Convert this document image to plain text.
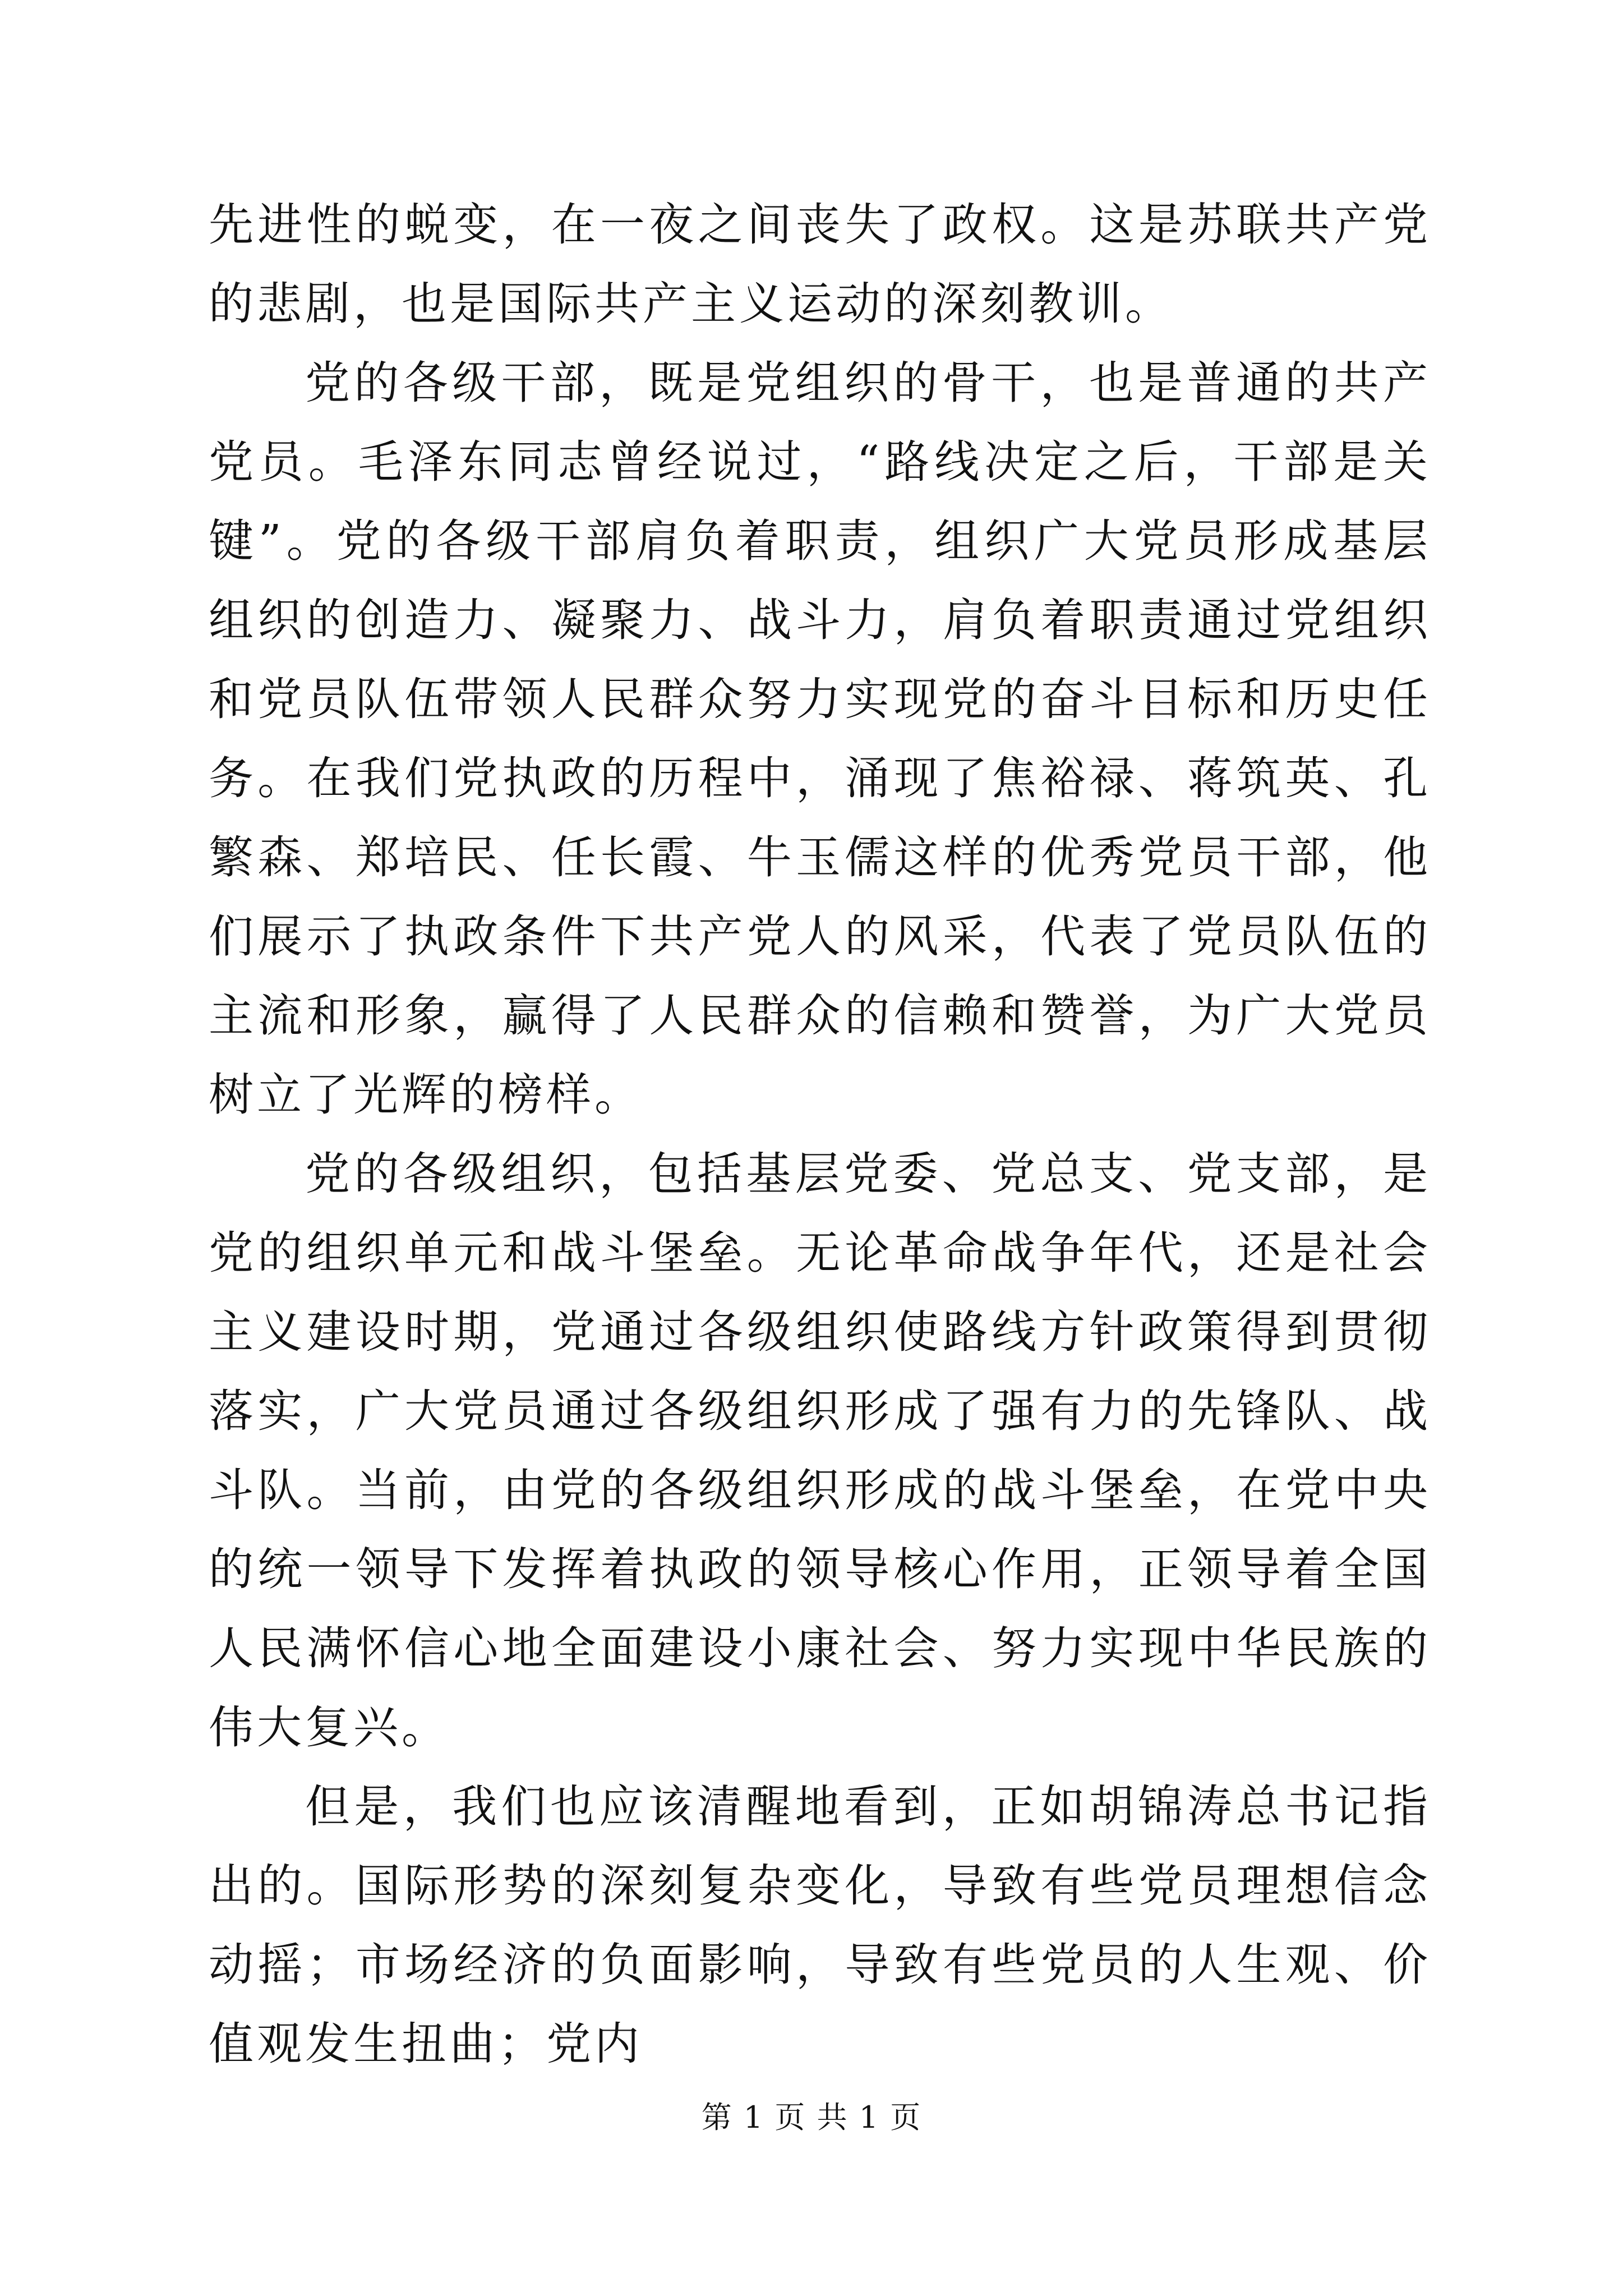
先进性的蜕变，在一夜之间丧失了政权。这是苏联共产党的悲剧，也是国际共产主义运动的深刻教训。

党的各级干部，既是党组织的骨干，也是普通的共产党员。毛泽东同志曾经说过，“路线决定之后，干部是关键”。党的各级干部肩负着职责，组织广大党员形成基层组织的创造力、凝聚力、战斗力，肩负着职责通过党组织和党员队伍带领人民群众努力实现党的奋斗目标和历史任务。在我们党执政的历程中，涌现了焦裕禄、蒋筑英、孔繁森、郑培民、任长霞、牛玉儒这样的优秀党员干部，他们展示了执政条件下共产党人的风采，代表了党员队伍的主流和形象，赢得了人民群众的信赖和赞誉，为广大党员树立了光辉的榜样。

党的各级组织，包括基层党委、党总支、党支部，是党的组织单元和战斗堡垒。无论革命战争年代，还是社会主义建设时期，党通过各级组织使路线方针政策得到贯彻落实，广大党员通过各级组织形成了强有力的先锋队、战斗队。当前，由党的各级组织形成的战斗堡垒，在党中央的统一领导下发挥着执政的领导核心作用，正领导着全国人民满怀信心地全面建设小康社会、努力实现中华民族的伟大复兴。

但是，我们也应该清醒地看到，正如胡锦涛总书记指出的。国际形势的深刻复杂变化，导致有些党员理想信念动摇；市场经济的负面影响，导致有些党员的人生观、价值观发生扭曲；党内

第 1 页 共 1 页
